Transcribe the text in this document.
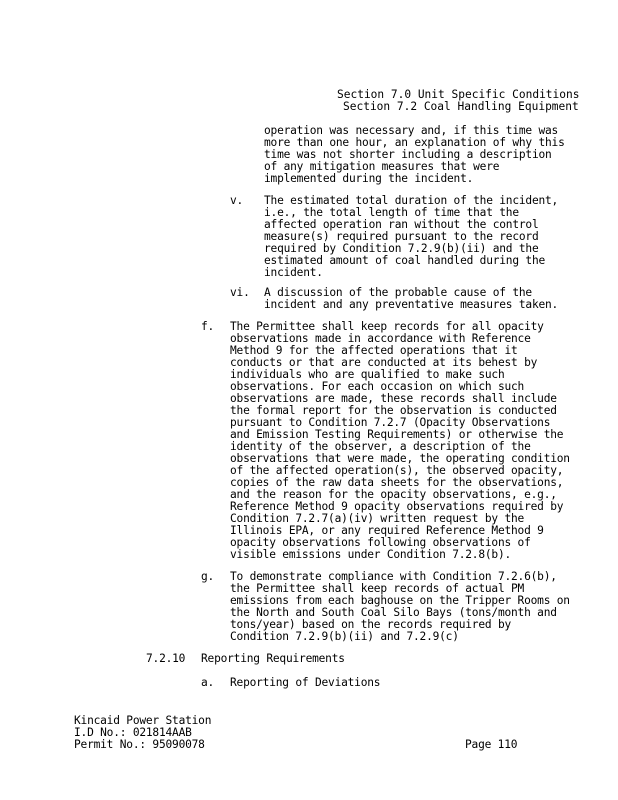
Section 7.0 Unit Specific Conditions
Section 7.2 Coal Handling Equipment
operation was necessary and, if this time was
more than one hour, an explanation of why this
time was not shorter including a description
of any mitigation measures that were
implemented during the incident.
v. The estimated total duration of the incident,
i.e., the total length of time that the
affected operation ran without the control
measure(s) required pursuant to the record
required by Condition 7.2.9(b)(ii) and the
estimated amount of coal handled during the
incident.
vi. A discussion of the probable cause of the
incident and any preventative measures taken.
f. The Permittee shall keep records for all opacity
observations made in accordance with Reference
Method 9 for the affected operations that it
conducts or that are conducted at its behest by
individuals who are qualified to make such
observations. For each occasion on which such
observations are made, these records shall include
the formal report for the observation is conducted
pursuant to Condition 7.2.7 (Opacity Observations
and Emission Testing Requirements) or otherwise the
identity of the observer, a description of the
observations that were made, the operating condition
of the affected operation(s), the observed opacity,
copies of the raw data sheets for the observations,
and the reason for the opacity observations, e.g.,
Reference Method 9 opacity observations required by
Condition 7.2.7(a)(iv) written request by the
Illinois EPA, or any required Reference Method 9
opacity observations following observations of
visible emissions under Condition 7.2.8(b).
g. To demonstrate compliance with Condition 7.2.6(b),
the Permittee shall keep records of actual PM
emissions from each baghouse on the Tripper Rooms on
the North and South Coal Silo Bays (tons/month and
tons/year) based on the records required by
Condition 7.2.9(b)(ii) and 7.2.9(c)
7.2.10 Reporting Requirements
a. Reporting of Deviations
Kincaid Power Station
I.D No.: 021814AAB
Permit No.: 95090078	Page 110
